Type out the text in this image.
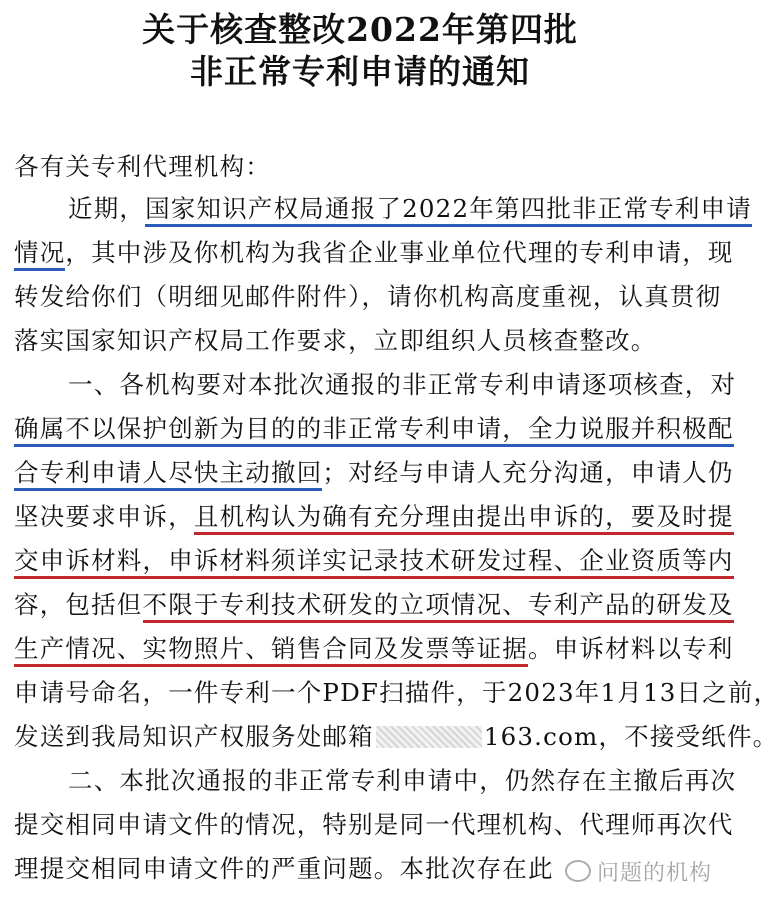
关于核查整改2022年第四批
非正常专利申请的通知
各有关专利代理机构：
近期，国家知识产权局通报了2022年第四批非正常专利申请
情况，其中涉及你机构为我省企业事业单位代理的专利申请，现
转发给你们（明细见邮件附件），请你机构高度重视，认真贯彻
落实国家知识产权局工作要求，立即组织人员核查整改。
一、各机构要对本批次通报的非正常专利申请逐项核查，对
确属不以保护创新为目的的非正常专利申请，全力说服并积极配
合专利申请人尽快主动撤回；对经与申请人充分沟通，申请人仍
坚决要求申诉，且机构认为确有充分理由提出申诉的，要及时提
交申诉材料，申诉材料须详实记录技术研发过程、企业资质等内
容，包括但不限于专利技术研发的立项情况、专利产品的研发及
生产情况、实物照片、销售合同及发票等证据。申诉材料以专利
申请号命名，一件专利一个PDF扫描件，于2023年1月13日之前，
发送到我局知识产权服务处邮箱	163.com，不接受纸件。
二、本批次通报的非正常专利申请中，仍然存在主撤后再次
提交相同申请文件的情况，特别是同一代理机构、代理师再次代
理提交相同申请文件的严重问题。本批次存在此	问题的机构
